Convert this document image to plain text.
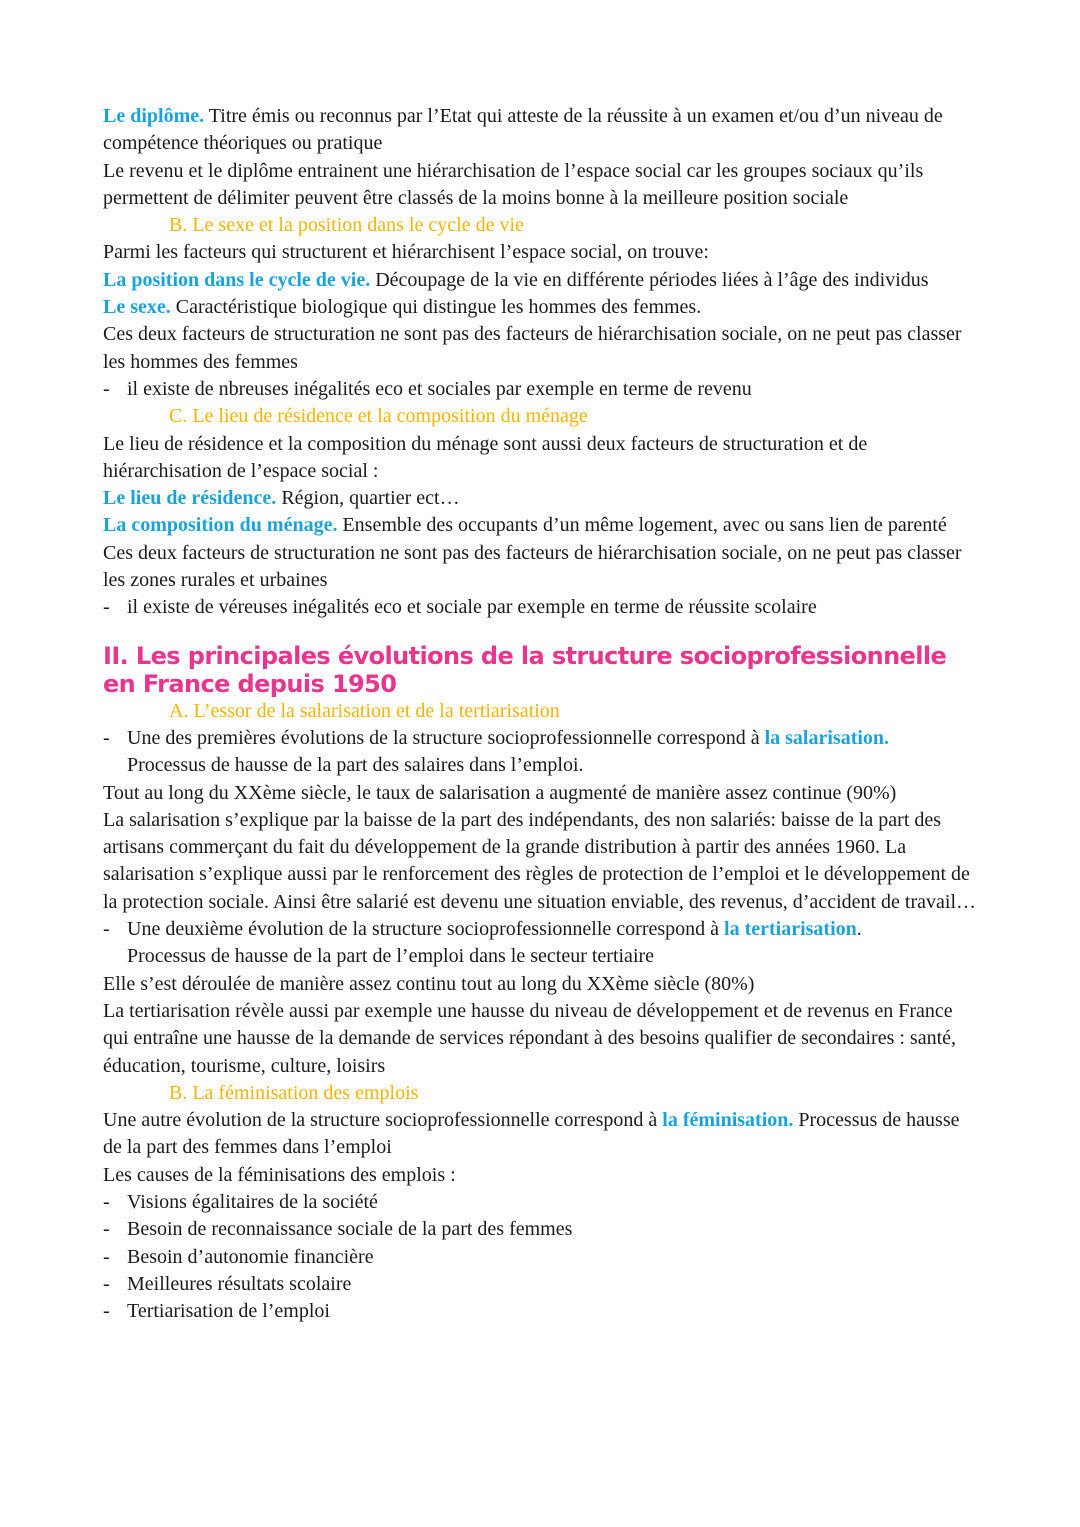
Le diplôme. Titre émis ou reconnus par l’Etat qui atteste de la réussite à un examen et/ou d’un niveau de compétence théoriques ou pratique

Le revenu et le diplôme entrainent une hiérarchisation de l’espace social car les groupes sociaux qu’ils permettent de délimiter peuvent être classés de la moins bonne à la meilleure position sociale

B. Le sexe et la position dans le cycle de vie

Parmi les facteurs qui structurent et hiérarchisent l’espace social, on trouve:

La position dans le cycle de vie. Découpage de la vie en différente périodes liées à l’âge des individus

Le sexe. Caractéristique biologique qui distingue les hommes des femmes.

Ces deux facteurs de structuration ne sont pas des facteurs de hiérarchisation sociale, on ne peut pas classer les hommes des femmes

- il existe de nbreuses inégalités eco et sociales par exemple en terme de revenu

C. Le lieu de résidence et la composition du ménage

Le lieu de résidence et la composition du ménage sont aussi deux facteurs de structuration et de hiérarchisation de l’espace social :

Le lieu de résidence. Région, quartier ect…

La composition du ménage. Ensemble des occupants d’un même logement, avec ou sans lien de parenté

Ces deux facteurs de structuration ne sont pas des facteurs de hiérarchisation sociale, on ne peut pas classer les zones rurales et urbaines

- il existe de véreuses inégalités eco et sociale par exemple en terme de réussite scolaire

II. Les principales évolutions de la structure socioprofessionnelle en France depuis 1950

A. L’essor de la salarisation et de la tertiarisation

- Une des premières évolutions de la structure socioprofessionnelle correspond à la salarisation.
Processus de hausse de la part des salaires dans l’emploi.

Tout au long du XXème siècle, le taux de salarisation a augmenté de manière assez continue (90%)

La salarisation s’explique par la baisse de la part des indépendants, des non salariés: baisse de la part des artisans commerçant du fait du développement de la grande distribution à partir des années 1960. La salarisation s’explique aussi par le renforcement des règles de protection de l’emploi et le développement de la protection sociale. Ainsi être salarié est devenu une situation enviable, des revenus, d’accident de travail…

- Une deuxième évolution de la structure socioprofessionnelle correspond à la tertiarisation.
Processus de hausse de la part de l’emploi dans le secteur tertiaire

Elle s’est déroulée de manière assez continu tout au long du XXème siècle (80%)

La tertiarisation révèle aussi par exemple une hausse du niveau de développement et de revenus en France qui entraîne une hausse de la demande de services répondant à des besoins qualifier de secondaires : santé, éducation, tourisme, culture, loisirs

B. La féminisation des emplois

Une autre évolution de la structure socioprofessionnelle correspond à la féminisation. Processus de hausse de la part des femmes dans l’emploi

Les causes de la féminisations des emplois :

- Visions égalitaires de la société

- Besoin de reconnaissance sociale de la part des femmes

- Besoin d’autonomie financière

- Meilleures résultats scolaire

- Tertiarisation de l’emploi
